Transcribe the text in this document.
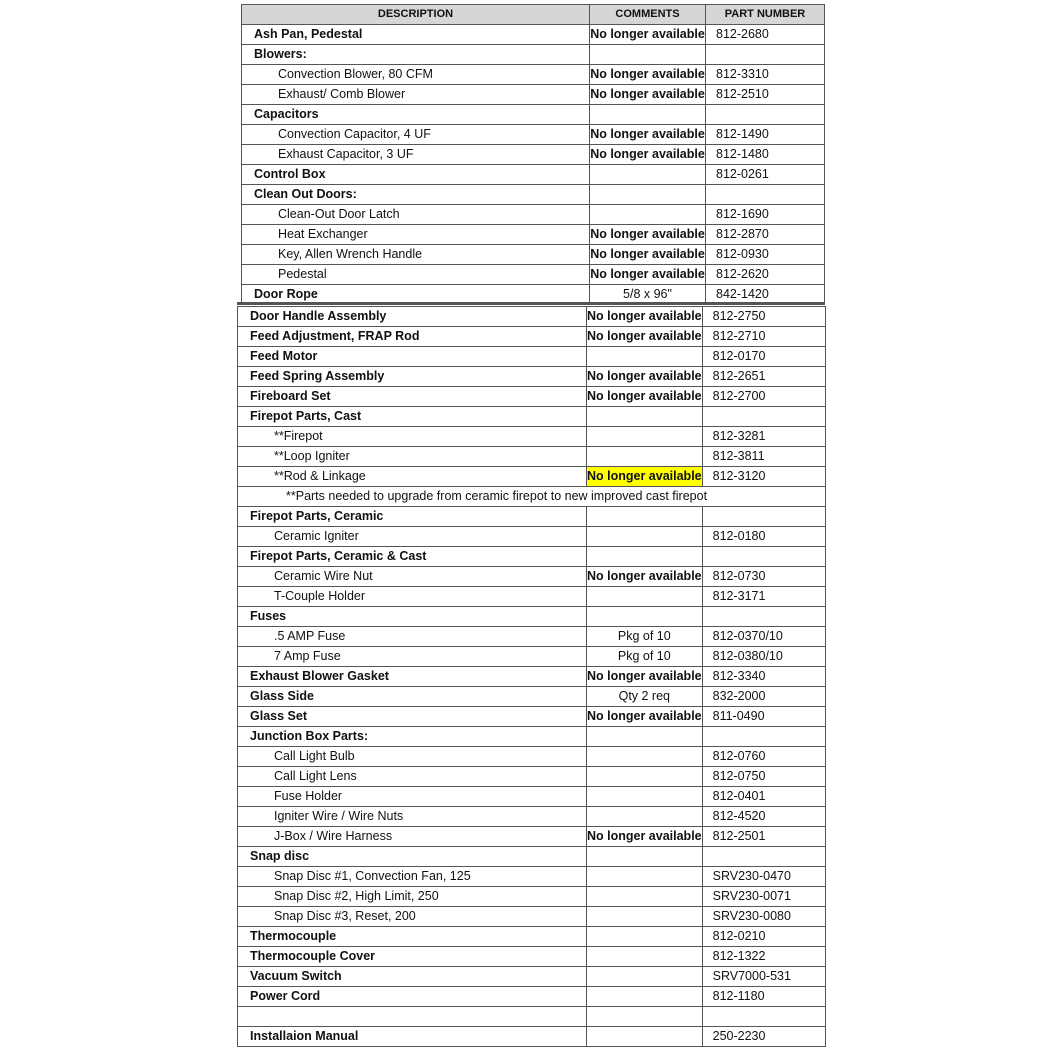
DESCRIPTION	COMMENTS	PART NUMBER
Ash Pan, Pedestal	No longer available	812-2680
Blowers:		
Convection Blower, 80 CFM	No longer available	812-3310
Exhaust/ Comb Blower	No longer available	812-2510
Capacitors		
Convection Capacitor, 4 UF	No longer available	812-1490
Exhaust Capacitor, 3 UF	No longer available	812-1480
Control Box		812-0261
Clean Out Doors:		
Clean-Out Door Latch		812-1690
Heat Exchanger	No longer available	812-2870
Key, Allen Wrench Handle	No longer available	812-0930
Pedestal	No longer available	812-2620
Door Rope	5/8 x 96"	842-1420
Door Handle Assembly	No longer available	812-2750
Feed Adjustment, FRAP Rod	No longer available	812-2710
Feed Motor		812-0170
Feed Spring Assembly	No longer available	812-2651
Fireboard Set	No longer available	812-2700
Firepot Parts, Cast		
**Firepot		812-3281
**Loop Igniter		812-3811
**Rod & Linkage	No longer available	812-3120
**Parts needed to upgrade from ceramic firepot to new improved cast firepot		
Firepot Parts, Ceramic		
Ceramic Igniter		812-0180
Firepot Parts, Ceramic & Cast		
Ceramic Wire Nut	No longer available	812-0730
T-Couple Holder		812-3171
Fuses		
.5 AMP Fuse	Pkg of 10	812-0370/10
7 Amp Fuse	Pkg of 10	812-0380/10
Exhaust Blower Gasket	No longer available	812-3340
Glass Side	Qty 2 req	832-2000
Glass Set	No longer available	811-0490
Junction Box Parts:		
Call Light Bulb		812-0760
Call Light Lens		812-0750
Fuse Holder		812-0401
Igniter Wire / Wire Nuts		812-4520
J-Box / Wire Harness	No longer available	812-2501
Snap disc		
Snap Disc #1, Convection Fan, 125		SRV230-0470
Snap Disc #2, High Limit, 250		SRV230-0071
Snap Disc #3, Reset, 200		SRV230-0080
Thermocouple		812-0210
Thermocouple Cover		812-1322
Vacuum Switch		SRV7000-531
Power Cord		812-1180

Installaion Manual		250-2230
